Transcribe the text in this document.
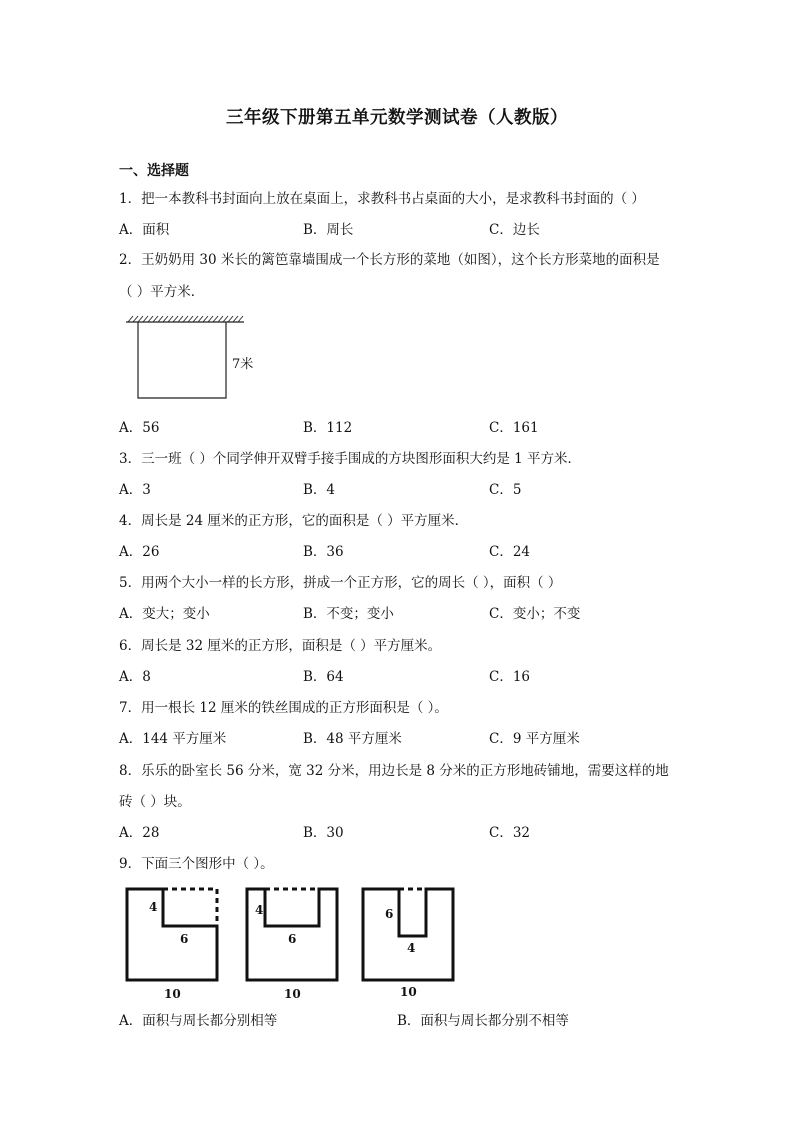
三年级下册第五单元数学测试卷（人教版）
一、选择题
1．把一本教科书封面向上放在桌面上，求教科书占桌面的大小，是求教科书封面的（ ）
A．面积	B．周长	C．边长
2．王奶奶用 30 米长的篱笆靠墙围成一个长方形的菜地（如图），这个长方形菜地的面积是
（ ）平方米．
7米
A．56	B．112	C．161
3．三一班（ ）个同学伸开双臂手接手围成的方块图形面积大约是 1 平方米．
A．3	B．4	C．5
4．周长是 24 厘米的正方形，它的面积是（ ）平方厘米．
A．26	B．36	C．24
5．用两个大小一样的长方形，拼成一个正方形，它的周长（ ），面积（ ）
A．变大；变小	B．不变；变小	C．变小；不变
6．周长是 32 厘米的正方形，面积是（ ）平方厘米。
A．8	B．64	C．16
7．用一根长 12 厘米的铁丝围成的正方形面积是（ ）。
A．144 平方厘米	B．48 平方厘米	C．9 平方厘米
8．乐乐的卧室长 56 分米，宽 32 分米，用边长是 8 分米的正方形地砖铺地，需要这样的地
砖（ ）块。
A．28	B．30	C．32
9．下面三个图形中（ ）。
4
6
10
4
6
10
6
4
10
A．面积与周长都分别相等	B．面积与周长都分别不相等
